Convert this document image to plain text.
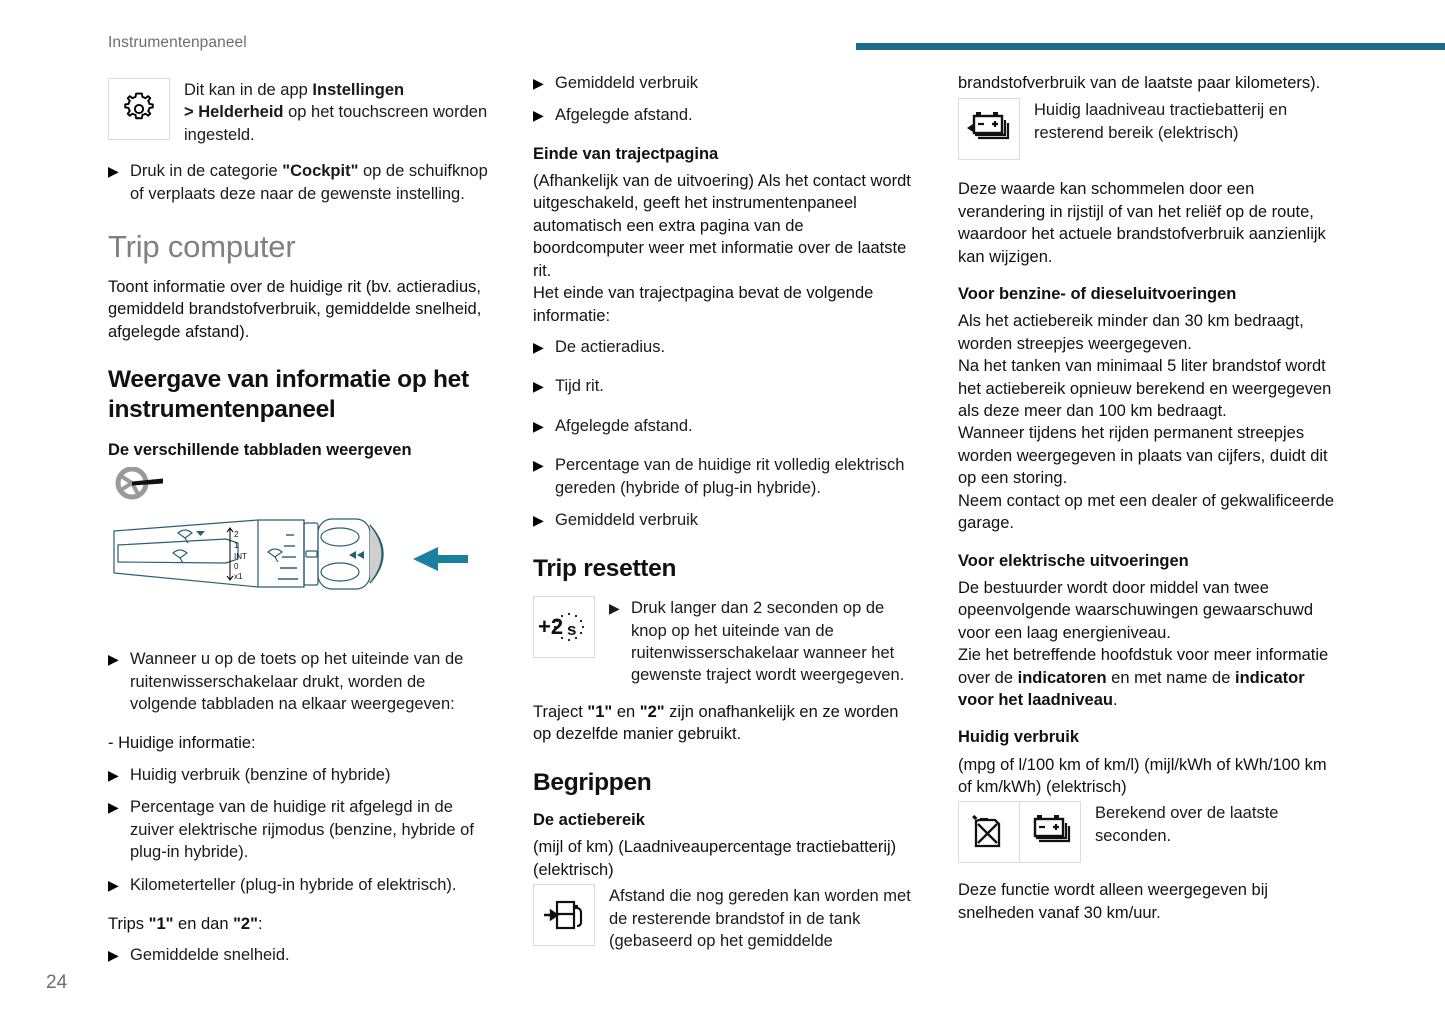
Instrumentenpaneel
Dit kan in de app Instellingen
> Helderheid op het touchscreen worden ingesteld.
▶ Druk in de categorie "Cockpit" op de schuifknop of verplaats deze naar de gewenste instelling.
Trip computer

Toont informatie over de huidige rit (bv. actieradius, gemiddeld brandstofverbruik, gemiddelde snelheid, afgelegde afstand).

Weergave van informatie op het instrumentenpaneel
De verschillende tabbladen weergeven
2
1
INT
0
x1
▶ Wanneer u op de toets op het uiteinde van de ruitenwisserschakelaar drukt, worden de volgende tabbladen na elkaar weergegeven:

- Huidige informatie:

▶ Huidig verbruik (benzine of hybride)
▶ Percentage van de huidige rit afgelegd in de zuiver elektrische rijmodus (benzine, hybride of plug-in hybride).
▶ Kilometerteller (plug-in hybride of elektrisch).

Trips "1" en dan "2":

▶ Gemiddelde snelheid.
▶ Gemiddeld verbruik
▶ Afgelegde afstand.
Einde van trajectpagina

(Afhankelijk van de uitvoering) Als het contact wordt uitgeschakeld, geeft het instrumentenpaneel automatisch een extra pagina van de boordcomputer weer met informatie over de laatste rit.

Het einde van trajectpagina bevat de volgende informatie:

▶ De actieradius.
▶ Tijd rit.
▶ Afgelegde afstand.
▶ Percentage van de huidige rit volledig elektrisch gereden (hybride of plug-in hybride).
▶ Gemiddeld verbruik
Trip resetten
+2 s
▶ Druk langer dan 2 seconden op de knop op het uiteinde van de ruitenwisserschakelaar wanneer het gewenste traject wordt weergegeven.

Traject "1" en "2" zijn onafhankelijk en ze worden op dezelfde manier gebruikt.

Begrippen
De actiebereik

(mijl of km) (Laadniveaupercentage tractiebatterij) (elektrisch)

Afstand die nog gereden kan worden met de resterende brandstof in de tank (gebaseerd op het gemiddelde

brandstofverbruik van de laatste paar kilometers).

Huidig laadniveau tractiebatterij en resterend bereik (elektrisch)

Deze waarde kan schommelen door een verandering in rijstijl of van het reliëf op de route, waardoor het actuele brandstofverbruik aanzienlijk kan wijzigen.

Voor benzine- of dieseluitvoeringen

Als het actiebereik minder dan 30 km bedraagt, worden streepjes weergegeven.

Na het tanken van minimaal 5 liter brandstof wordt het actiebereik opnieuw berekend en weergegeven als deze meer dan 100 km bedraagt.

Wanneer tijdens het rijden permanent streepjes worden weergegeven in plaats van cijfers, duidt dit op een storing.

Neem contact op met een dealer of gekwalificeerde garage.

Voor elektrische uitvoeringen

De bestuurder wordt door middel van twee opeenvolgende waarschuwingen gewaarschuwd voor een laag energieniveau.

Zie het betreffende hoofdstuk voor meer informatie over de indicatoren en met name de indicator voor het laadniveau.

Huidig verbruik

(mpg of l/100 km of km/l) (mijl/kWh of kWh/100 km of km/kWh) (elektrisch)

Berekend over de laatste seconden.

Deze functie wordt alleen weergegeven bij snelheden vanaf 30 km/uur.

24
